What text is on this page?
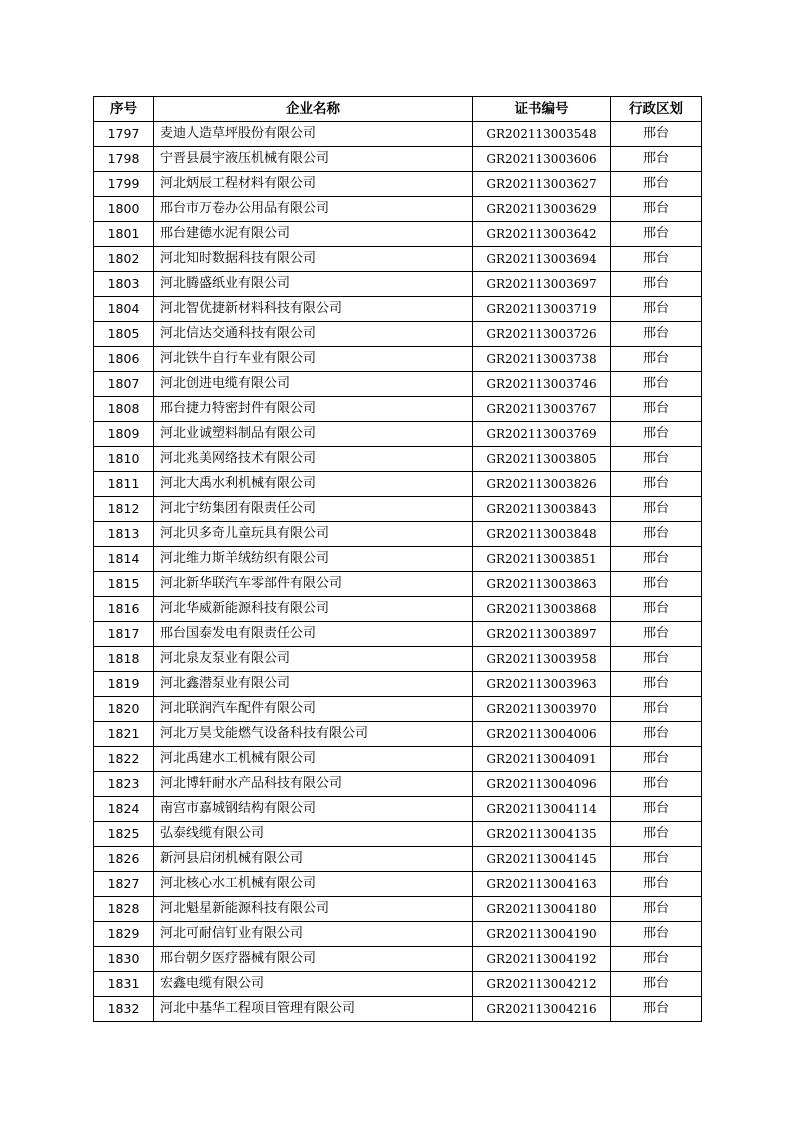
序号	企业名称	证书编号	行政区划
1797	麦迪人造草坪股份有限公司	GR202113003548	邢台
1798	宁晋县晨宇液压机械有限公司	GR202113003606	邢台
1799	河北炳辰工程材料有限公司	GR202113003627	邢台
1800	邢台市万卷办公用品有限公司	GR202113003629	邢台
1801	邢台建德水泥有限公司	GR202113003642	邢台
1802	河北知时数据科技有限公司	GR202113003694	邢台
1803	河北腾盛纸业有限公司	GR202113003697	邢台
1804	河北智优捷新材料科技有限公司	GR202113003719	邢台
1805	河北信达交通科技有限公司	GR202113003726	邢台
1806	河北铁牛自行车业有限公司	GR202113003738	邢台
1807	河北创进电缆有限公司	GR202113003746	邢台
1808	邢台捷力特密封件有限公司	GR202113003767	邢台
1809	河北业诚塑料制品有限公司	GR202113003769	邢台
1810	河北兆美网络技术有限公司	GR202113003805	邢台
1811	河北大禹水利机械有限公司	GR202113003826	邢台
1812	河北宁纺集团有限责任公司	GR202113003843	邢台
1813	河北贝多奇儿童玩具有限公司	GR202113003848	邢台
1814	河北维力斯羊绒纺织有限公司	GR202113003851	邢台
1815	河北新华联汽车零部件有限公司	GR202113003863	邢台
1816	河北华威新能源科技有限公司	GR202113003868	邢台
1817	邢台国泰发电有限责任公司	GR202113003897	邢台
1818	河北泉友泵业有限公司	GR202113003958	邢台
1819	河北鑫潜泵业有限公司	GR202113003963	邢台
1820	河北联润汽车配件有限公司	GR202113003970	邢台
1821	河北万昊戈能燃气设备科技有限公司	GR202113004006	邢台
1822	河北禹建水工机械有限公司	GR202113004091	邢台
1823	河北博轩耐水产品科技有限公司	GR202113004096	邢台
1824	南宫市嘉城钢结构有限公司	GR202113004114	邢台
1825	弘泰线缆有限公司	GR202113004135	邢台
1826	新河县启闭机械有限公司	GR202113004145	邢台
1827	河北核心水工机械有限公司	GR202113004163	邢台
1828	河北魁星新能源科技有限公司	GR202113004180	邢台
1829	河北可耐信钉业有限公司	GR202113004190	邢台
1830	邢台朝夕医疗器械有限公司	GR202113004192	邢台
1831	宏鑫电缆有限公司	GR202113004212	邢台
1832	河北中基华工程项目管理有限公司	GR202113004216	邢台
